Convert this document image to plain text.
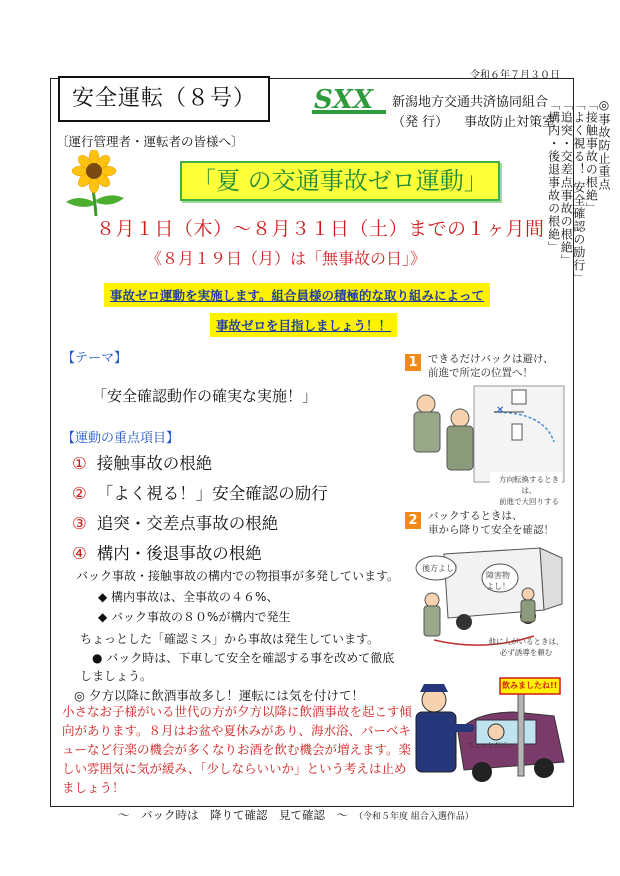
令和６年７月３０日
安全運転（８号）	SXX 新潟地方交通共済協同組合
（発 行） 事故防止対策室
〔運行管理者・運転者の皆様へ〕
「夏 の交通事故ゼロ運動」
８月１日（木）～８月３１日（土）までの１ヶ月間
《８月１９日（月）は「無事故の日」》
事故ゼロ運動を実施します。組合員様の積極的な取り組みによって
事故ゼロを目指しましょう！！
【テーマ】
「安全確認動作の確実な実施！」
【運動の重点項目】
① 接触事故の根絶
② 「よく視る！」安全確認の励行
③ 追突・交差点事故の根絶
④ 構内・後退事故の根絶
バック事故・接触事故の構内での物損事が多発しています。
◆ 構内事故は、全事故の４６%、
◆ バック事故の８０%が構内で発生
ちょっとした「確認ミス」から事故は発生しています。
● バック時は、下車して安全を確認する事を改めて徹底
しましょう。
◎ 夕方以降に飲酒事故多し！運転には気を付けて！
小さなお子様がいる世代の方が夕方以降に飲酒事故を起こす傾
向があります。８月はお盆や夏休みがあり、海水浴、バーベキ
ューなど行楽の機会が多くなりお酒を飲む機会が増えます。楽
しい雰囲気に気が緩み、「少しならいいか」という考えは止め
ましょう！
1 できるだけバックは避け、
前進で所定の位置へ！
✕
方向転換するときは、
前進で大回りする
2 バックするときは、
車から降りて安全を確認！
後方よし！
障害物
よし！
他に人がいるときは、
必ず誘導を頼む
飲みましたね!!
ちょっとだけ…
◎事故防止重点
「接触事故の根絶」
「よく視る！ 安全確認の励行」
「追突・交差点事故の根絶」
「構内・後退事故の根絶」
～　バック時は　降りて確認　見て確認　～ （令和５年度 組合入選作品）
